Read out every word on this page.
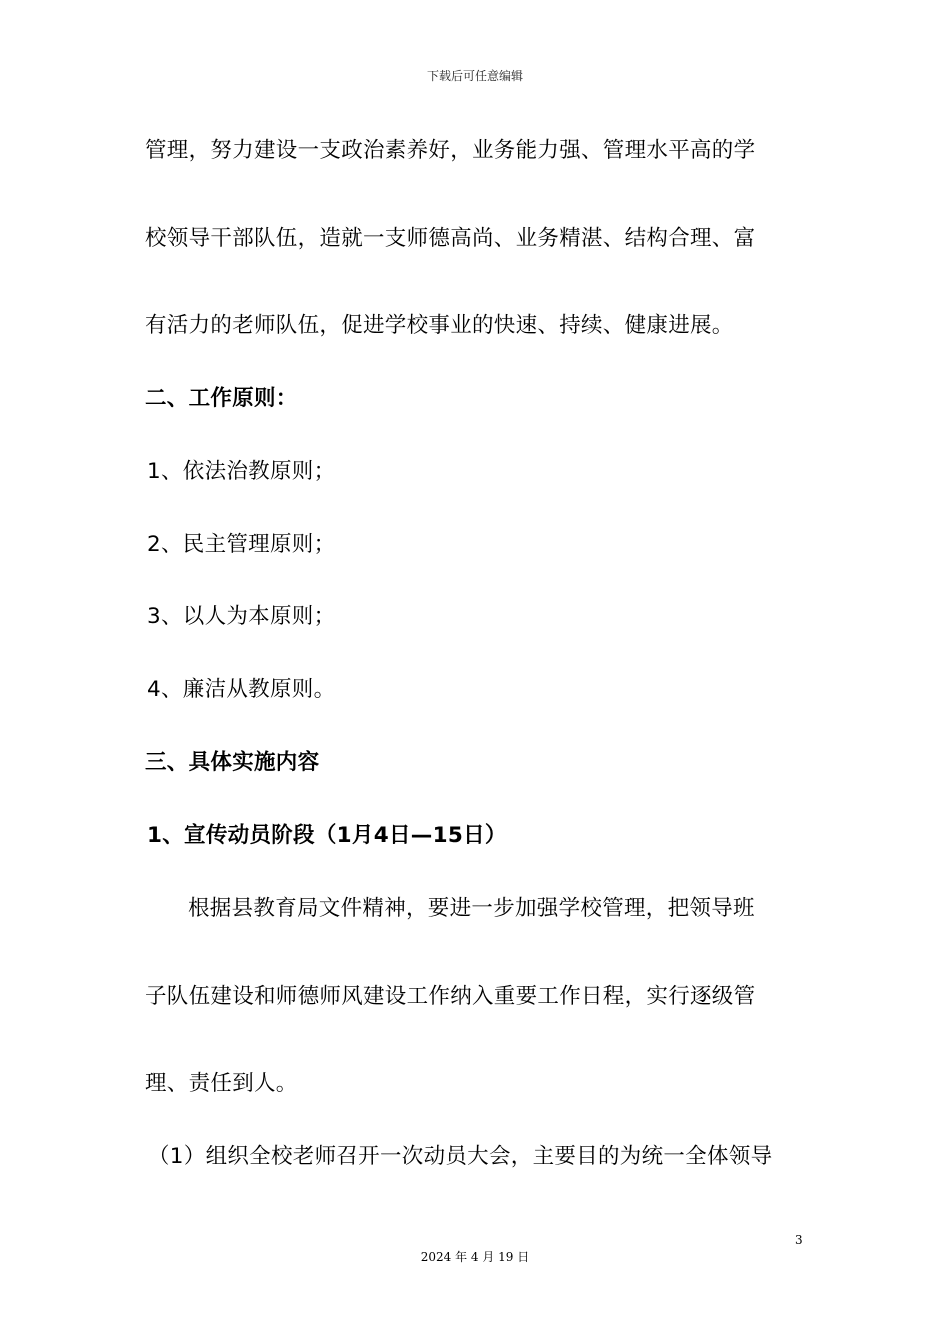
下载后可任意编辑
管理，努力建设一支政治素养好，业务能力强、管理水平高的学
校领导干部队伍，造就一支师德高尚、业务精湛、结构合理、富
有活力的老师队伍，促进学校事业的快速、持续、健康进展。
二、工作原则：
1、依法治教原则；
2、民主管理原则；
3、以人为本原则；
4、廉洁从教原则。
三、具体实施内容
1、宣传动员阶段（1月4日—15日）
根据县教育局文件精神，要进一步加强学校管理，把领导班
子队伍建设和师德师风建设工作纳入重要工作日程，实行逐级管
理、责任到人。
（1）组织全校老师召开一次动员大会，主要目的为统一全体领导
3
2024 年 4 月 19 日
